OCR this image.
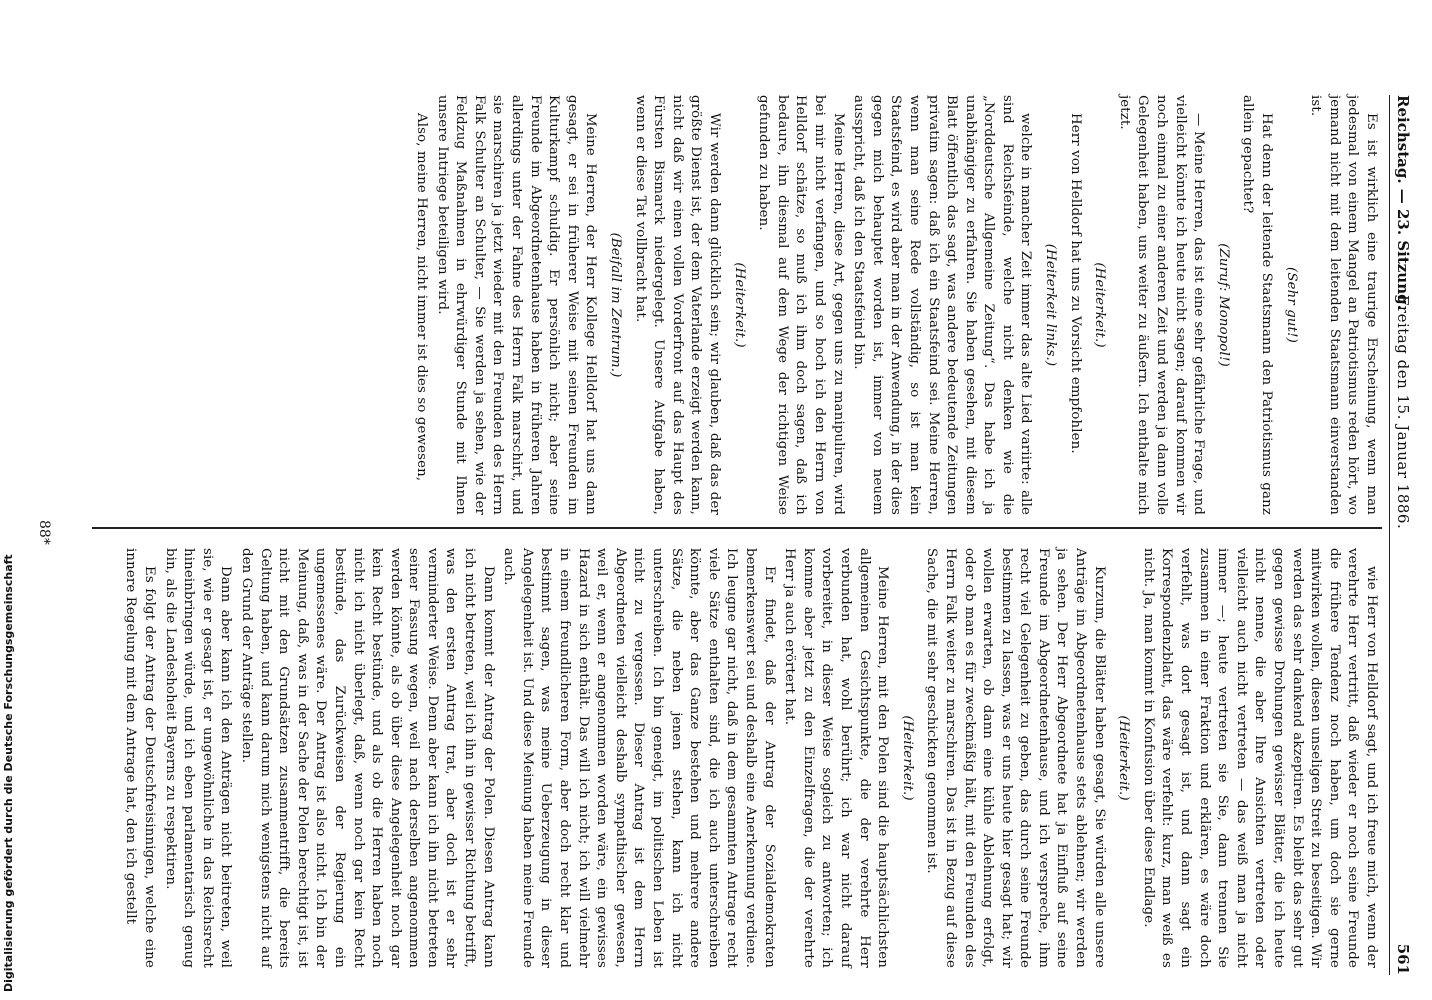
Reichstag. — 23. Sitzung.
Freitag den 15. Januar 1886.
561

Es ist wirklich eine traurige Erscheinung, wenn man jedesmal von einem Mangel an Patriotismus reden hört, wo jemand nicht mit dem leitenden Staatsmann einverstanden ist.

(Sehr gut!)

Hat denn der leitende Staatsmann den Patriotismus ganz allein gepachtet?

(Zuruf: Monopol!)

— Meine Herren, das ist eine sehr gefährliche Frage, und vielleicht könnte ich heute nicht sagen; darauf kommen wir noch einmal zu einer anderen Zeit und werden ja dann volle Gelegenheit haben, uns weiter zu äußern. Ich enthalte mich jetzt.

(Heiterkeit.)

Herr von Helldorf hat uns zu Vorsicht empfohlen.

(Heiterkeit links.)

welche in mancher Zeit immer das alte Lied variirte: alle sind Reichsfeinde, welche nicht denken wie die „Norddeutsche Allgemeine Zeitung“. Das habe ich ja unabhängiger zu erfahren. Sie haben gesehen, mit diesem Blatt öffentlich das sagt, was andere bedeutende Zeitungen privatim sagen: daß ich ein Staatsfeind sei. Meine Herren, wenn man seine Rede vollständig, so ist man kein Staatsfeind, es wird aber man in der Anwendung, in der dies gegen mich behauptet worden ist, immer von neuem ausspricht, daß ich den Staatsfeind bin.

Meine Herren, diese Art, gegen uns zu manipuliren, wird bei mir nicht verfangen, und so hoch ich den Herrn von Helldorf schätze, so muß ich ihm doch sagen, daß ich bedaure, ihn diesmal auf dem Wege der richtigen Weise gefunden zu haben.

(Heiterkeit.)

Wir werden dann glücklich sein; wir glauben, daß das der größte Dienst ist, der dem Vaterlande erzeigt werden kann, nicht daß wir einen vollen Vorderfront auf das Haupt des Fürsten Bismarck niedergelegt. Unsere Aufgabe haben, wenn er diese Tat vollbracht hat.

(Beifall im Zentrum.)

Meine Herren, der Herr Kollege Helldorf hat uns dann gesagt, er sei in früherer Weise mit seinen Freunden im Kulturkampf schuldig. Er persönlich nicht; aber seine Freunde im Abgeordnetenhause haben in früheren Jahren allerdings unter der Fahne des Herrn Falk marschirt, und sie marschiren ja jetzt wieder mit den Freunden des Herrn Falk Schulter an Schulter, — Sie werden ja sehen, wie der Feldzug Maßnahmen in ehrwürdiger Stunde mit Ihnen unsere Intriege beteiligen wird.

Also, meine Herren, nicht immer ist dies so gewesen,

wie Herr von Helldorf sagt, und ich freue mich, wenn der verehrte Herr vertritt, daß wieder er noch seine Freunde die frühere Tendenz noch haben, um doch sie gerne mitwirken wollen, diesen unseligen Streit zu beseitigen. Wir werden das sehr dankend akzeptiren. Es bleibt das sehr gut gegen gewisse Drohungen gewisser Blätter, die ich heute nicht nenne, die aber Ihre Ansichten vertreten oder vielleicht auch nicht vertreten — das weiß man ja nicht immer —; heute vertreten sie Sie, dann trennen Sie zusammen in einer Fraktion und erklären, es wäre doch verfehlt, was dort gesagt ist, und dann sagt ein Korrespondenzblatt, das wäre verfehlt: kurz, man weiß es nicht. Ja, man kommt in Konfusion über diese Endlage.

(Heiterkeit.)

Kurzum, die Blätter haben gesagt, Sie würden alle unsere Anträge im Abgeordnetenhause stets ablehnen; wir werden ja sehen. Der Herr Abgeordnete hat ja Einfluß auf seine Freunde im Abgeordnetenhause, und ich verspreche, ihm recht viel Gelegenheit zu geben, das durch seine Freunde bestimmen zu lassen, was er uns heute hier gesagt hat; wir wollen erwarten, ob dann eine kühle Ablehnung erfolgt, oder ob man es für zweckmäßig hält, mit den Freunden des Herrn Falk weiter zu marschiren. Das ist in Bezug auf diese Sache, die mit sehr geschickten genommen ist.

(Heiterkeit.)

Meine Herren, mit den Polen sind die hauptsächlichsten allgemeinen Gesichtspunkte, die der verehrte Herr verbunden hat, wohl berührt; ich war nicht darauf vorbereitet, in dieser Weise sogleich zu antworten; ich komme aber jetzt zu den Einzelfragen, die der verehrte Herr ja auch erörtert hat.

Er findet, daß der Antrag der Sozialdemokraten bemerkenswert sei und deshalb eine Anerkennung verdiene. Ich leugne gar nicht, daß in dem gesammten Antrage recht viele Sätze enthalten sind, die ich auch unterschreiben könnte, aber das Ganze bestehen und mehrere andere Sätze, die neben jenen stehen, kann ich nicht unterschreiben. Ich bin geneigt, im politischen Leben ist nicht zu vergessen. Dieser Antrag ist dem Herrn Abgeordneten vielleicht deshalb sympathischer gewesen, weil er, wenn er angenommen worden wäre, ein gewisses Hazard in sich enthält. Das will ich nicht; ich will vielmehr in einem freundlicheren Form, aber doch recht klar und bestimmt sagen, was meine Ueberzeugung in dieser Angelegenheit ist. Und diese Meinung haben meine Freunde auch.

Dann kommt der Antrag der Polen. Diesen Antrag kann ich nicht betreten, weil ich ihn in gewisser Richtung betrifft, was den ersten Antrag trat, aber doch ist er sehr verminderter Weise. Denn aber kann ich ihn nicht betreten seiner Fassung wegen, weil nach derselben angenommen werden könnte, als ob über diese Angelegenheit noch gar kein Recht bestünde, und als ob die Herren haben noch nicht ich nicht überlegt, daß, wenn noch gar kein Recht bestünde, das Zurückweisen der Regierung ein ungemessenes wäre. Der Antrag ist also nicht. Ich bin der Meinung, daß, was in der Sache der Polen berechtigt ist, ist nicht mit den Grundsätzen zusammentrifft, die bereits Geltung haben, und kann darum mich wenigstens nicht auf den Grund der Anträge stellen.

Dann aber kann ich den Anträgen nicht beitreten, weil sie, wie er gesagt ist, er ungewöhnliche in das Reichsrecht hineinbringen würde, und ich eben parlamentarisch genug bin, als die Landeshoheit Bayerns zu respektiren.

Es folgt der Antrag der Deutschfreisinnigen, welche eine innere Regelung mit dem Antrage hat, den ich gestellt

88*
Digitalisierung gefördert durch die Deutsche Forschungsgemeinschaft
